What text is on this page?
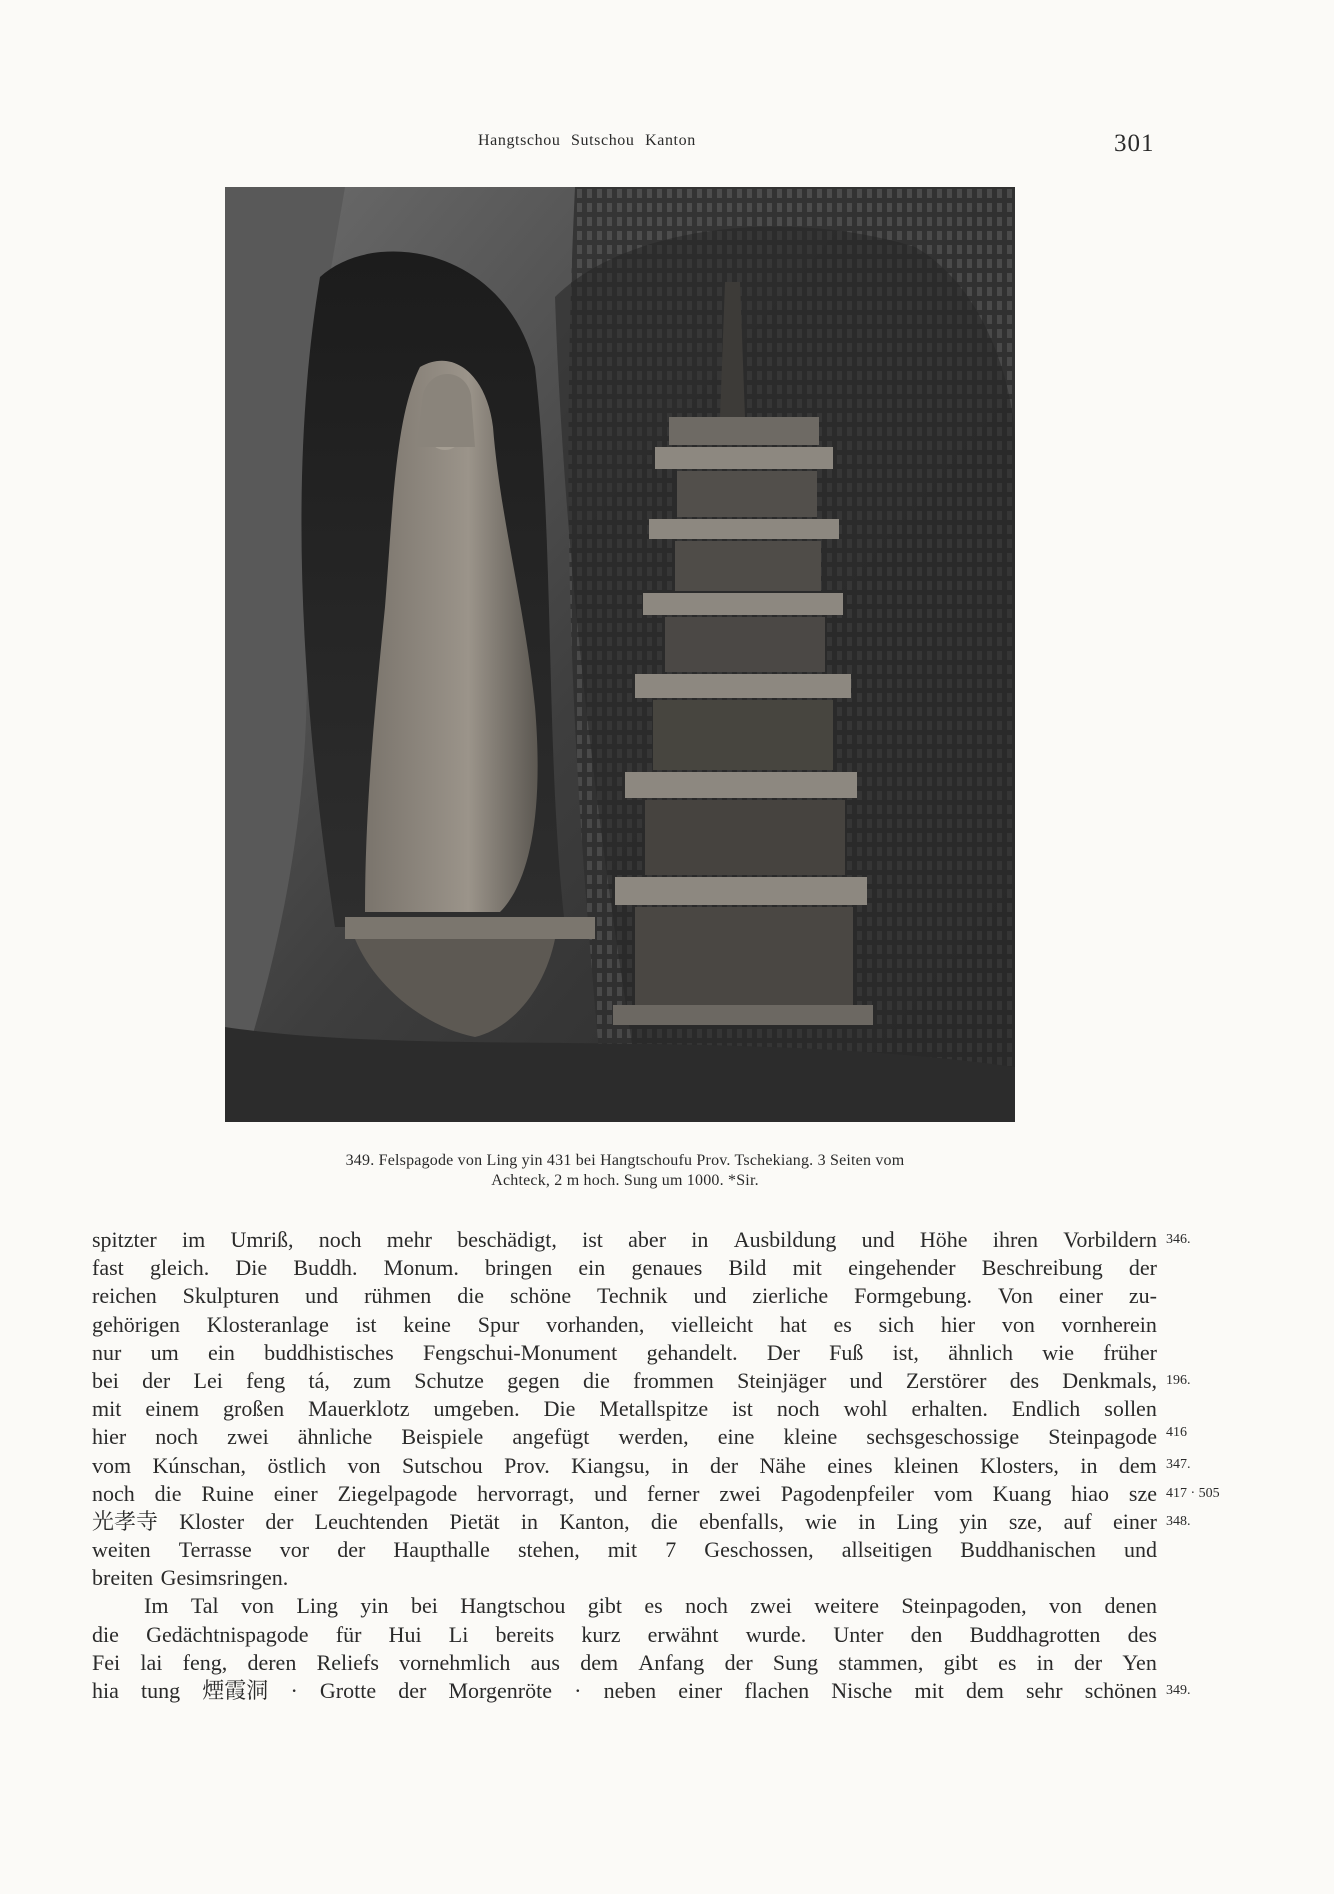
Hangtschou Sutschou Kanton	301
349. Felspagode von Ling yin 431 bei Hangtschoufu Prov. Tschekiang. 3 Seiten vom
Achteck, 2 m hoch. Sung um 1000. *Sir.
spitzter im Umriß, noch mehr beschädigt, ist aber in Ausbildung und Höhe ihren Vorbildern
fast gleich. Die Buddh. Monum. bringen ein genaues Bild mit eingehender Beschreibung der
reichen Skulpturen und rühmen die schöne Technik und zierliche Formgebung. Von einer zu-
gehörigen Klosteranlage ist keine Spur vorhanden, vielleicht hat es sich hier von vornherein
nur um ein buddhistisches Fengschui-Monument gehandelt. Der Fuß ist, ähnlich wie früher
bei der Lei feng tá, zum Schutze gegen die frommen Steinjäger und Zerstörer des Denkmals,
mit einem großen Mauerklotz umgeben. Die Metallspitze ist noch wohl erhalten. Endlich sollen
hier noch zwei ähnliche Beispiele angefügt werden, eine kleine sechsgeschossige Steinpagode
vom Kúnschan, östlich von Sutschou Prov. Kiangsu, in der Nähe eines kleinen Klosters, in dem
noch die Ruine einer Ziegelpagode hervorragt, und ferner zwei Pagodenpfeiler vom Kuang hiao sze
光孝寺 Kloster der Leuchtenden Pietät in Kanton, die ebenfalls, wie in Ling yin sze, auf einer
weiten Terrasse vor der Haupthalle stehen, mit 7 Geschossen, allseitigen Buddhanischen und
breiten Gesimsringen.
Im Tal von Ling yin bei Hangtschou gibt es noch zwei weitere Steinpagoden, von denen
die Gedächtnispagode für Hui Li bereits kurz erwähnt wurde. Unter den Buddhagrotten des
Fei lai feng, deren Reliefs vornehmlich aus dem Anfang der Sung stammen, gibt es in der Yen
hia tung 煙霞洞 · Grotte der Morgenröte · neben einer flachen Nische mit dem sehr schönen
346.
196.
416
347.
417 · 505
348.
349.
